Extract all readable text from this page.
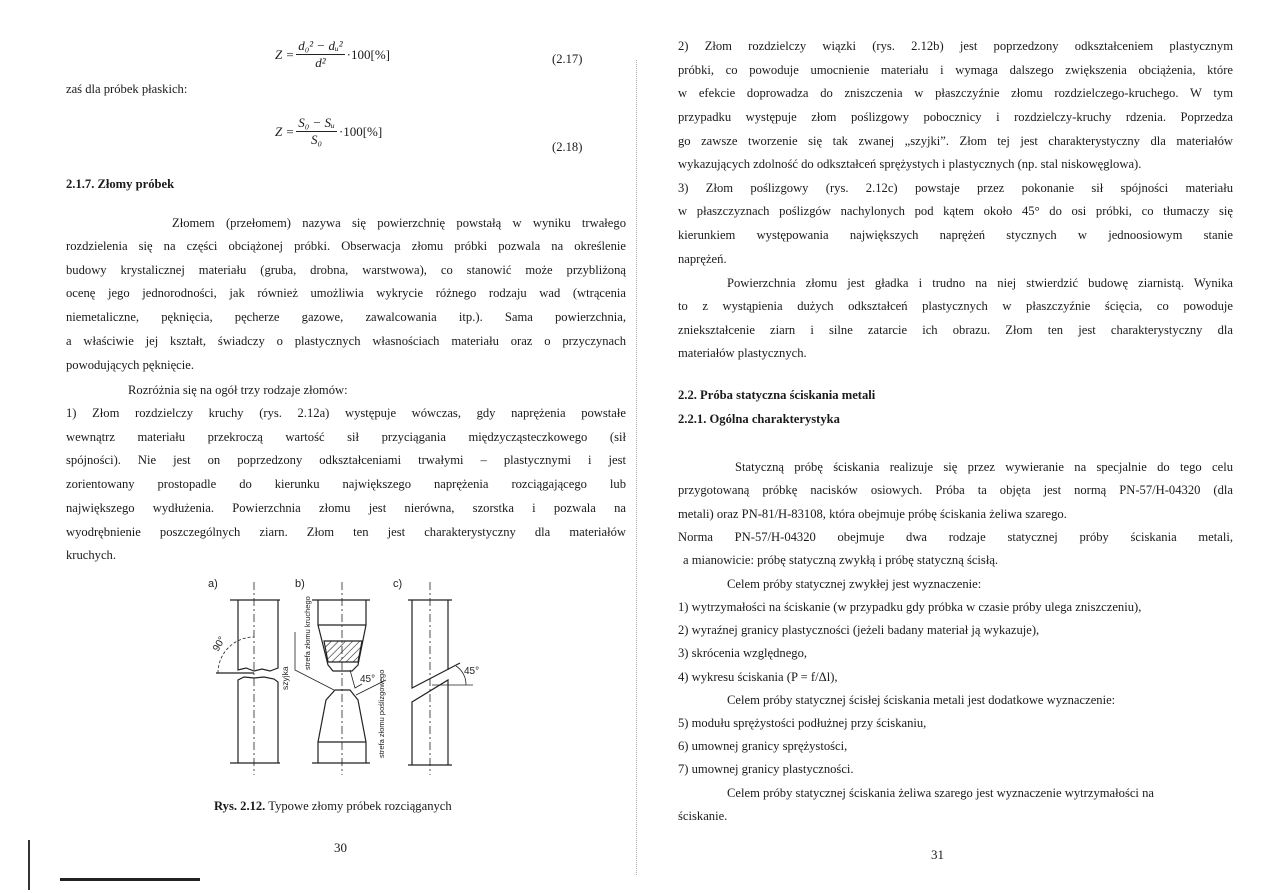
$Z = \frac{\text{d₀² − dᵤ²}}{\text{d²}} \cdot 100[\%]$	(2.17)
$Z = \frac{\text{S₀ − Sᵤ}}{\text{S₀}} \cdot 100[\%]$
(2.18)
zaś dla próbek płaskich:
2.1.7. Złomy próbek
Złomem (przełomem) nazywa się powierzchnię powstałą w wyniku trwałego
rozdzielenia się na części obciążonej próbki. Obserwacja złomu próbki pozwala na określenie
budowy krystalicznej materiału (gruba, drobna, warstwowa), co stanowić może przybliżoną
ocenę jego jednorodności, jak również umożliwia wykrycie różnego rodzaju wad (wtrącenia
niemetaliczne, pęknięcia, pęcherze gazowe, zawalcowania itp.). Sama powierzchnia,
a właściwie jej kształt, świadczy o plastycznych własnościach materiału oraz o przyczynach
powodujących pęknięcie.
Rozróżnia się na ogół trzy rodzaje złomów:
1) Złom rozdzielczy kruchy (rys. 2.12a) występuje wówczas, gdy naprężenia powstałe
wewnątrz materiału przekroczą wartość sił przyciągania międzycząsteczkowego (sił
spójności). Nie jest on poprzedzony odkształceniami trwałymi – plastycznymi i jest
zorientowany prostopadle do kierunku największego naprężenia rozciągającego lub
największego wydłużenia. Powierzchnia złomu jest nierówna, szorstka i pozwala na
wyodrębnienie poszczególnych ziarn. Złom ten jest charakterystyczny dla materiałów
kruchych.
a)	b)	c)
90°
szyjka
strefa złomu kruchego
45° strefa złomu poślizgowego	45°
Rys. 2.12. Typowe złomy próbek rozciąganych
30
2) Złom rozdzielczy wiązki (rys. 2.12b) jest poprzedzony odkształceniem plastycznym
próbki, co powoduje umocnienie materiału i wymaga dalszego zwiększenia obciążenia, które
w efekcie doprowadza do zniszczenia w płaszczyźnie złomu rozdzielczego-kruchego. W tym
przypadku występuje złom poślizgowy pobocznicy i rozdzielczy-kruchy rdzenia. Poprzedza
go zawsze tworzenie się tak zwanej „szyjki”. Złom tej jest charakterystyczny dla materiałów
wykazujących zdolność do odkształceń sprężystych i plastycznych (np. stal niskowęglowa).
3) Złom poślizgowy (rys. 2.12c) powstaje przez pokonanie sił spójności materiału
w płaszczyznach poślizgów nachylonych pod kątem około 45° do osi próbki, co tłumaczy się
kierunkiem występowania największych naprężeń stycznych w jednoosiowym stanie
naprężeń.
Powierzchnia złomu jest gładka i trudno na niej stwierdzić budowę ziarnistą. Wynika
to z wystąpienia dużych odkształceń plastycznych w płaszczyźnie ścięcia, co powoduje
zniekształcenie ziarn i silne zatarcie ich obrazu. Złom ten jest charakterystyczny dla
materiałów plastycznych.
2.2. Próba statyczna ściskania metali
2.2.1. Ogólna charakterystyka
Statyczną próbę ściskania realizuje się przez wywieranie na specjalnie do tego celu
przygotowaną próbkę nacisków osiowych. Próba ta objęta jest normą PN-57/H-04320 (dla
metali) oraz PN-81/H-83108, która obejmuje próbę ściskania żeliwa szarego.
Norma PN-57/H-04320 obejmuje dwa rodzaje statycznej próby ściskania metali,
a mianowicie: próbę statyczną zwykłą i próbę statyczną ścisłą.
Celem próby statycznej zwykłej jest wyznaczenie:
1) wytrzymałości na ściskanie (w przypadku gdy próbka w czasie próby ulega zniszczeniu),
2) wyraźnej granicy plastyczności (jeżeli badany materiał ją wykazuje),
3) skrócenia względnego,
4) wykresu ściskania (P = f/Δl),
Celem próby statycznej ścisłej ściskania metali jest dodatkowe wyznaczenie:
5) modułu sprężystości podłużnej przy ściskaniu,
6) umownej granicy sprężystości,
7) umownej granicy plastyczności.
Celem próby statycznej ściskania żeliwa szarego jest wyznaczenie wytrzymałości na
ściskanie.
31
